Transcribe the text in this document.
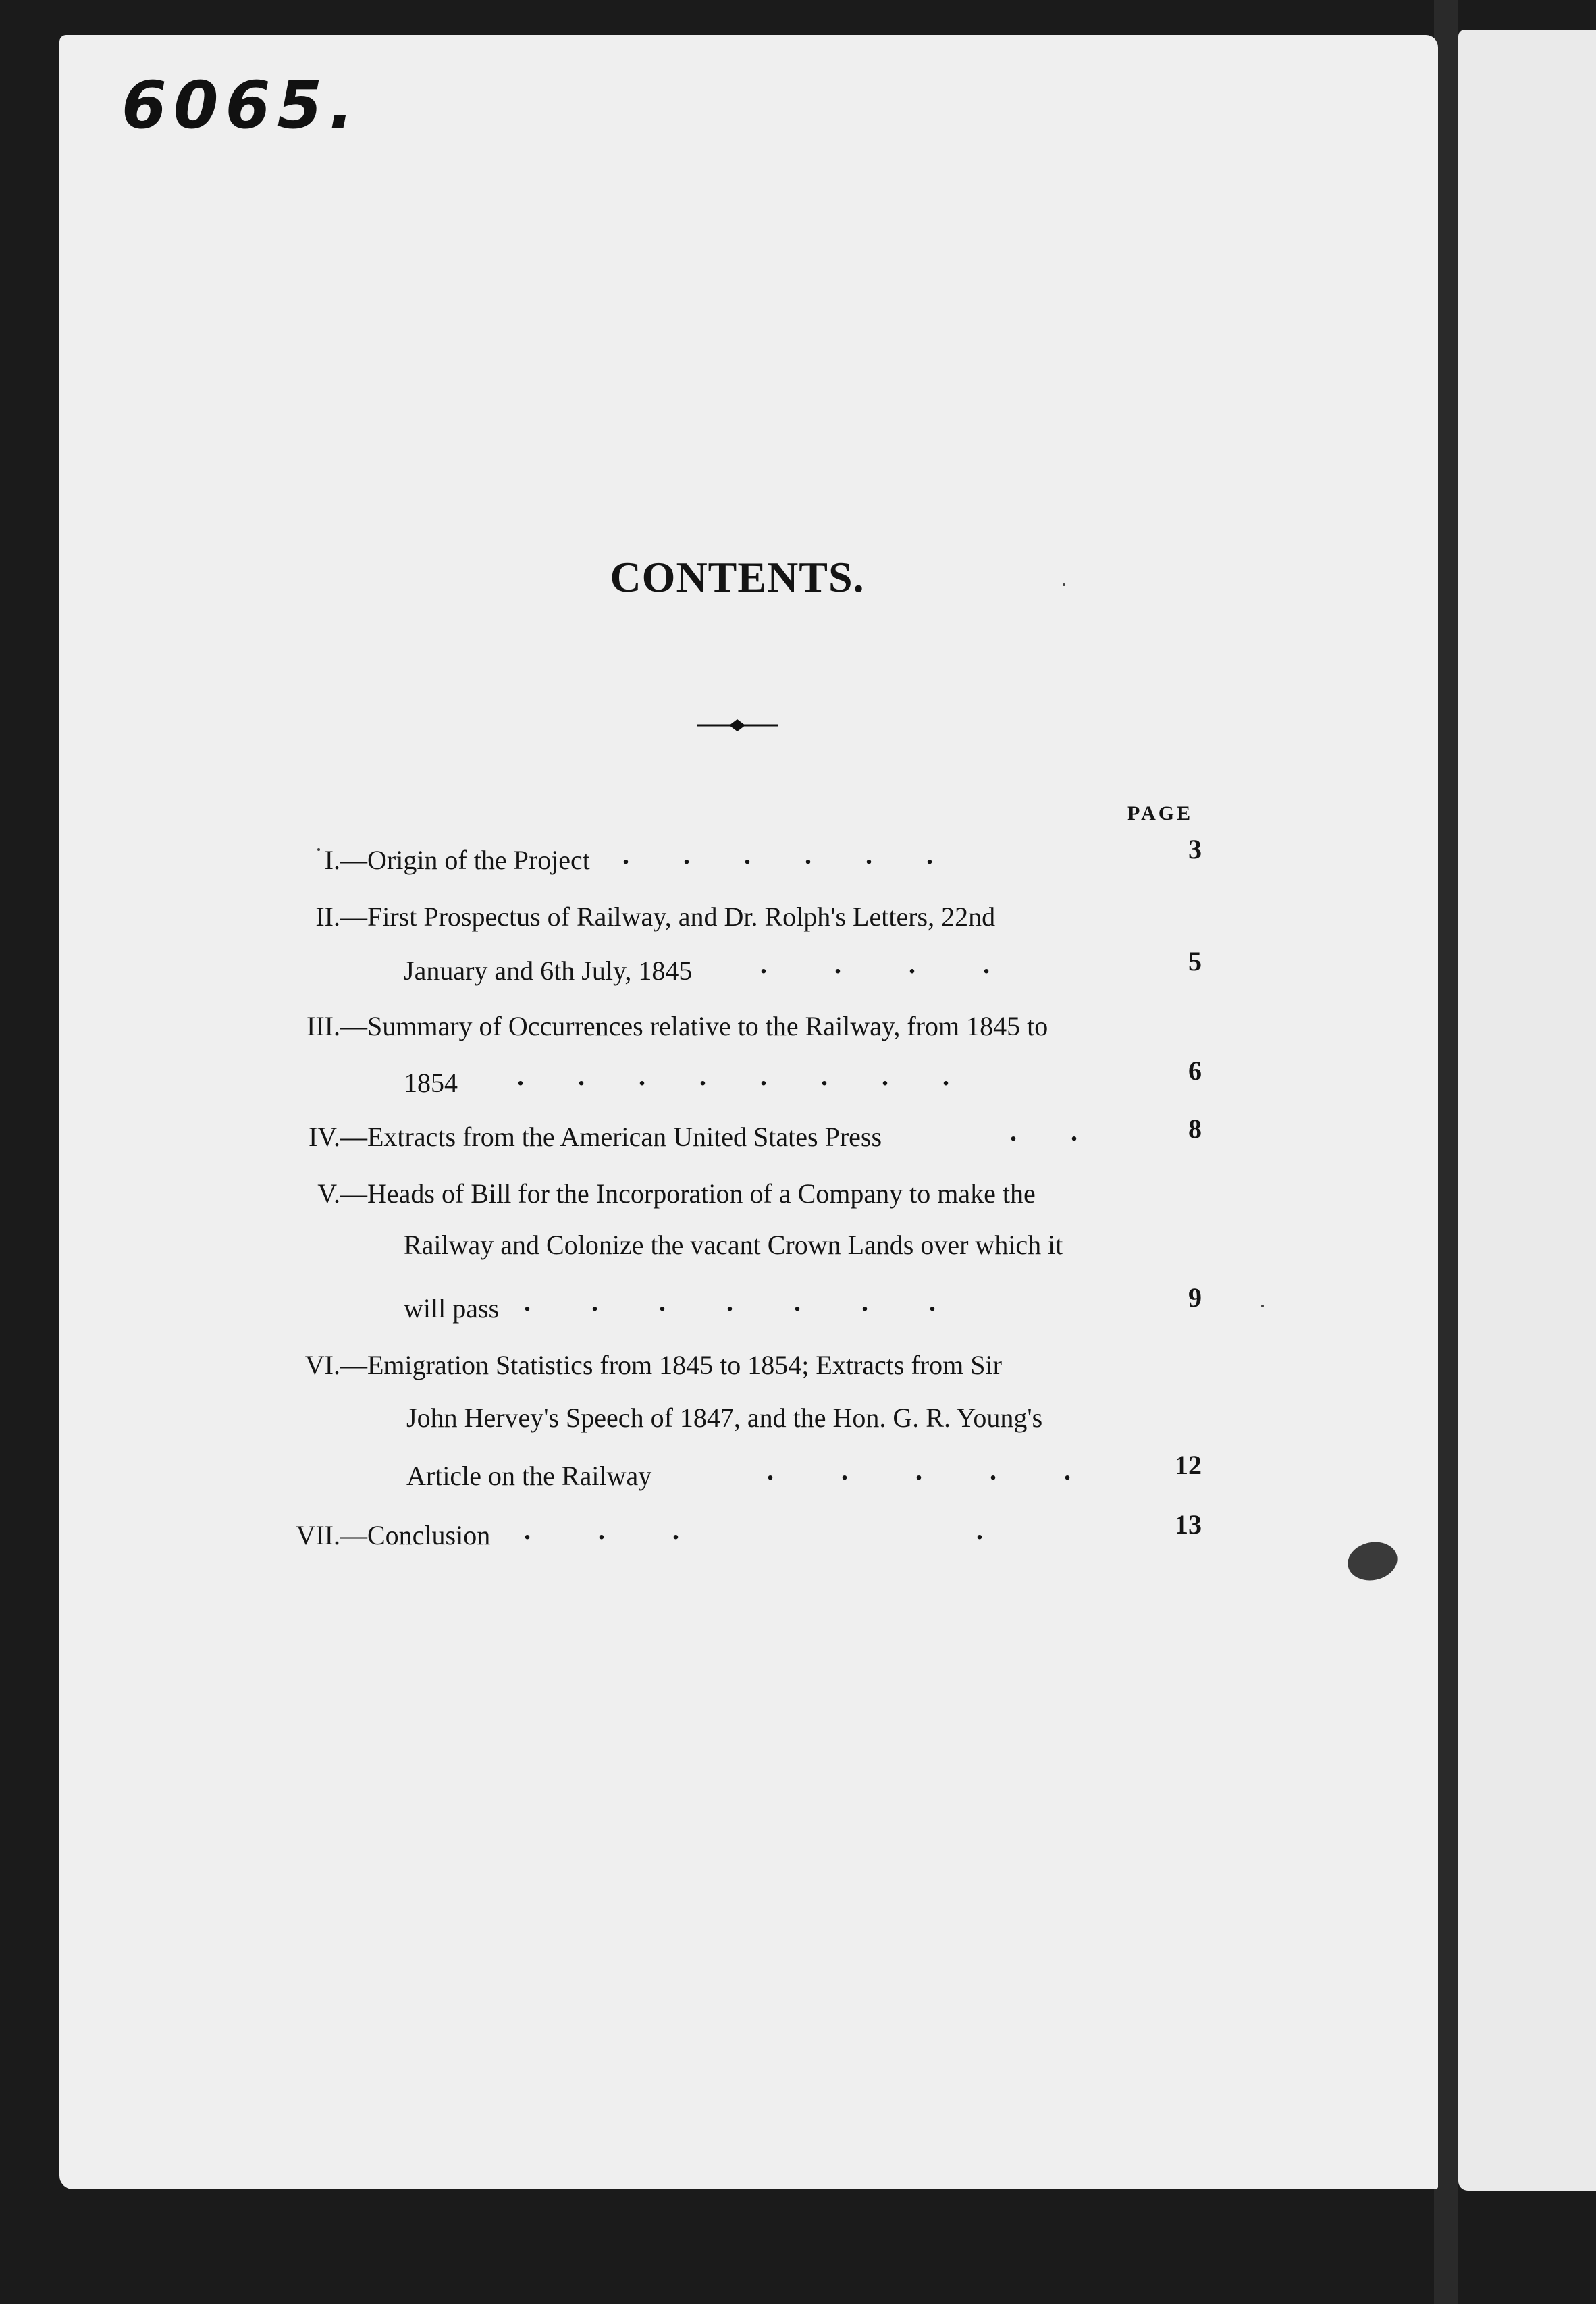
6065.
CONTENTS.
PAGE
I.—Origin of the Project .        .        .        .        .        .	3
II.—First Prospectus of Railway, and Dr. Rolph's Letters, 22nd
January and 6th July, 1845	.          .          .          .	5
III.—Summary of Occurrences relative to the Railway, from 1845 to
1854 .        .        .        .        .        .        .        .	6
IV.—Extracts from the American United States Press	.        .	8
V.—Heads of Bill for the Incorporation of a Company to make the
Railway and Colonize the vacant Crown Lands over which it
will pass .         .         .         .         .         .         .	9
VI.—Emigration Statistics from 1845 to 1854; Extracts from Sir
John Hervey's Speech of 1847, and the Hon. G. R. Young's
Article on the Railway	.          .          .          .          .	12
VII.—Conclusion .          .          .                                            .	13
